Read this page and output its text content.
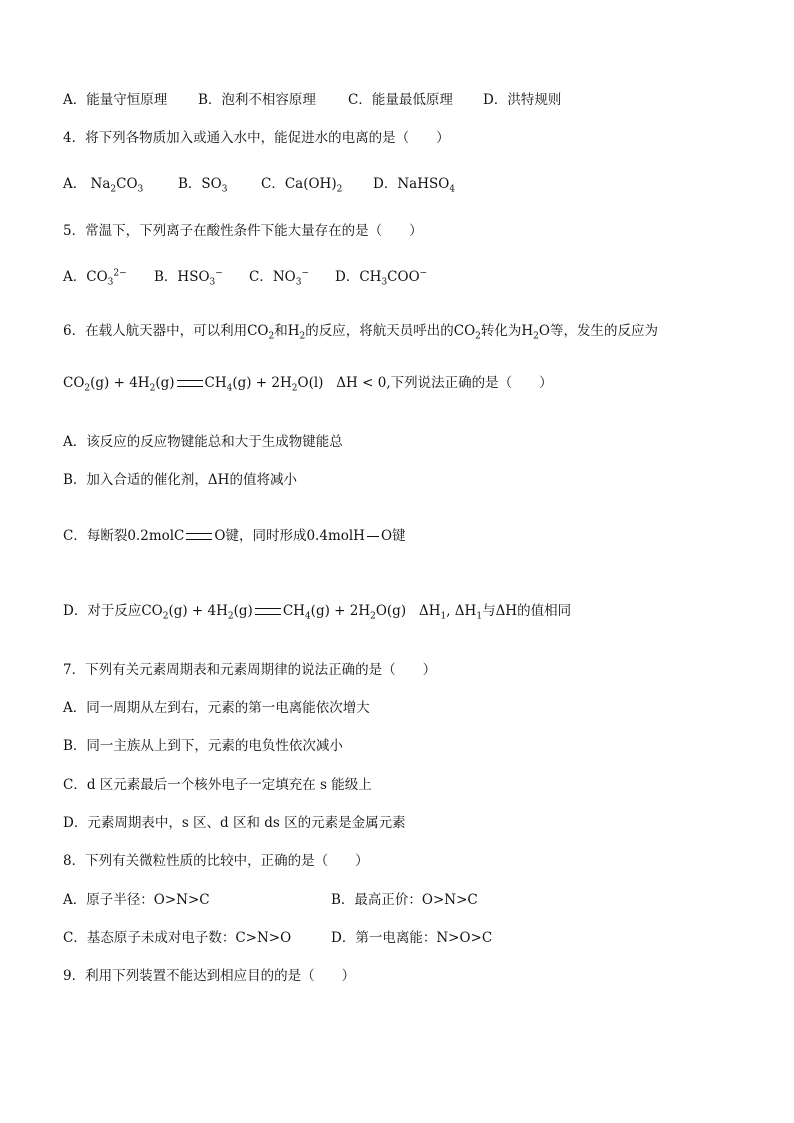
A．能量守恒原理 B．泡利不相容原理 C．能量最低原理 D．洪特规则
4．将下列各物质加入或通入水中，能促进水的电离的是（　　）
A． $Na_2CO_3$	B．$SO_3$ C．$Ca(OH)_2$ D．NaHSO$_4$
5．常温下，下列离子在酸性条件下能大量存在的是（　　）
A．$CO_3^{2-}$ B．$HSO_3^-$ C．$NO_3^-$ D．$CH_3COO^-$
6．在载人航天器中，可以利用$CO_2$和$H_2$的反应，将航天员呼出的$CO_2$转化为$H_2O$等，发生的反应为
$CO_2(g) + 4H_2(g) CH_4(g) + 2H_2O(l) \Delta H < 0$,下列说法正确的是（　　）
A．该反应的反应物键能总和大于生成物键能总
B．加入合适的催化剂，ΔH的值将减小
C．每断裂0.2molC O键，同时形成0.4molH O键
D．对于反应$CO_2(g) + 4H_2(g) CH_4(g) + 2H_2O(g)$   $\Delta H_1$, $\Delta H_1$与ΔH的值相同
7．下列有关元素周期表和元素周期律的说法正确的是（　　）
A．同一周期从左到右，元素的第一电离能依次增大
B．同一主族从上到下，元素的电负性依次减小
C．d 区元素最后一个核外电子一定填充在 s 能级上
D．元素周期表中，s 区、d 区和 ds 区的元素是金属元素
8．下列有关微粒性质的比较中，正确的是（　　）
A．原子半径：O>N>C	B．最高正价：O>N>C
C．基态原子未成对电子数：C>N>O	D．第一电离能：N>O>C
9．利用下列装置不能达到相应目的的是（　　）
